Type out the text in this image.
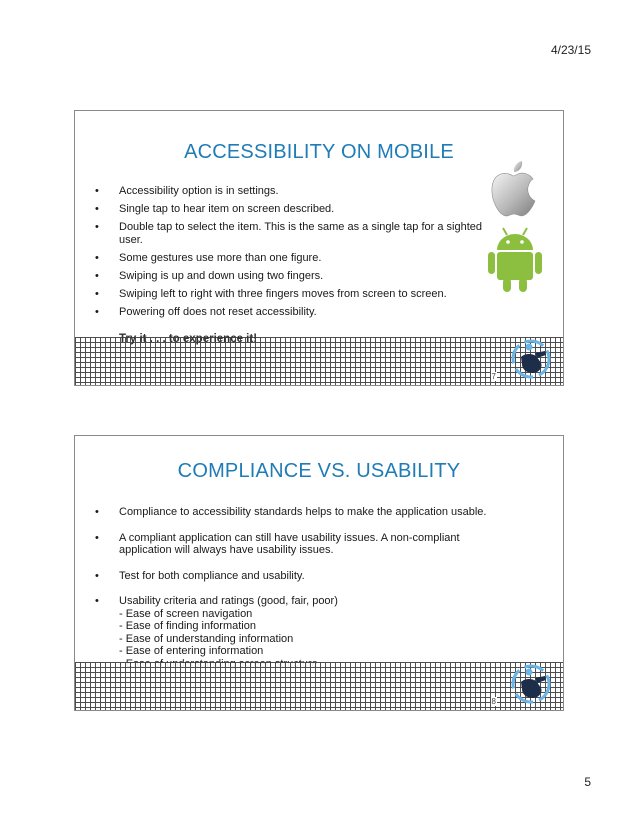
4/23/15
ACCESSIBILITY ON MOBILE
• Accessibility option is in settings.
• Single tap to hear item on screen described.
• Double tap to select the item. This is the same as a single tap for a sighted user.
• Some gestures use more than one figure.
• Swiping is up and down using two fingers.
• Swiping left to right with three fingers moves from screen to screen.
• Powering off does not reset accessibility.
Try it . . . to experience it!
7
COMPLIANCE VS. USABILITY
• Compliance to accessibility standards helps to make the application usable.
• A compliant application can still have usability issues. A non-compliant application will always have usability issues.
• Test for both compliance and usability.
• Usability criteria and ratings (good, fair, poor)
- Ease of screen navigation
- Ease of finding information
- Ease of understanding information
- Ease of entering information
8
5
